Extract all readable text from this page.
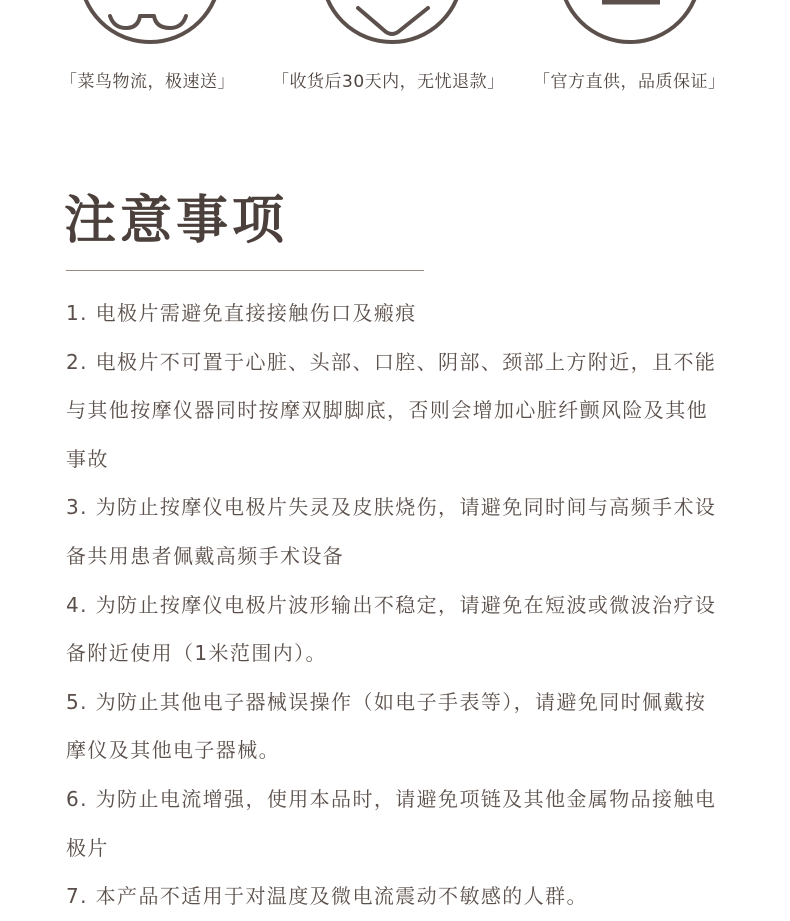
「菜鸟物流，极速送」 「收货后30天内，无忧退款」 「官方直供，品质保证」
注意事项
1. 电极片需避免直接接触伤口及瘢痕
2. 电极片不可置于心脏、头部、口腔、阴部、颈部上方附近，且不能与其他按摩仪器同时按摩双脚脚底，否则会增加心脏纤颤风险及其他事故
3. 为防止按摩仪电极片失灵及皮肤烧伤，请避免同时间与高频手术设备共用患者佩戴高频手术设备
4. 为防止按摩仪电极片波形输出不稳定，请避免在短波或微波治疗设备附近使用（1米范围内）。
5. 为防止其他电子器械误操作（如电子手表等），请避免同时佩戴按摩仪及其他电子器械。
6. 为防止电流增强，使用本品时，请避免项链及其他金属物品接触电极片
7. 本产品不适用于对温度及微电流震动不敏感的人群。
